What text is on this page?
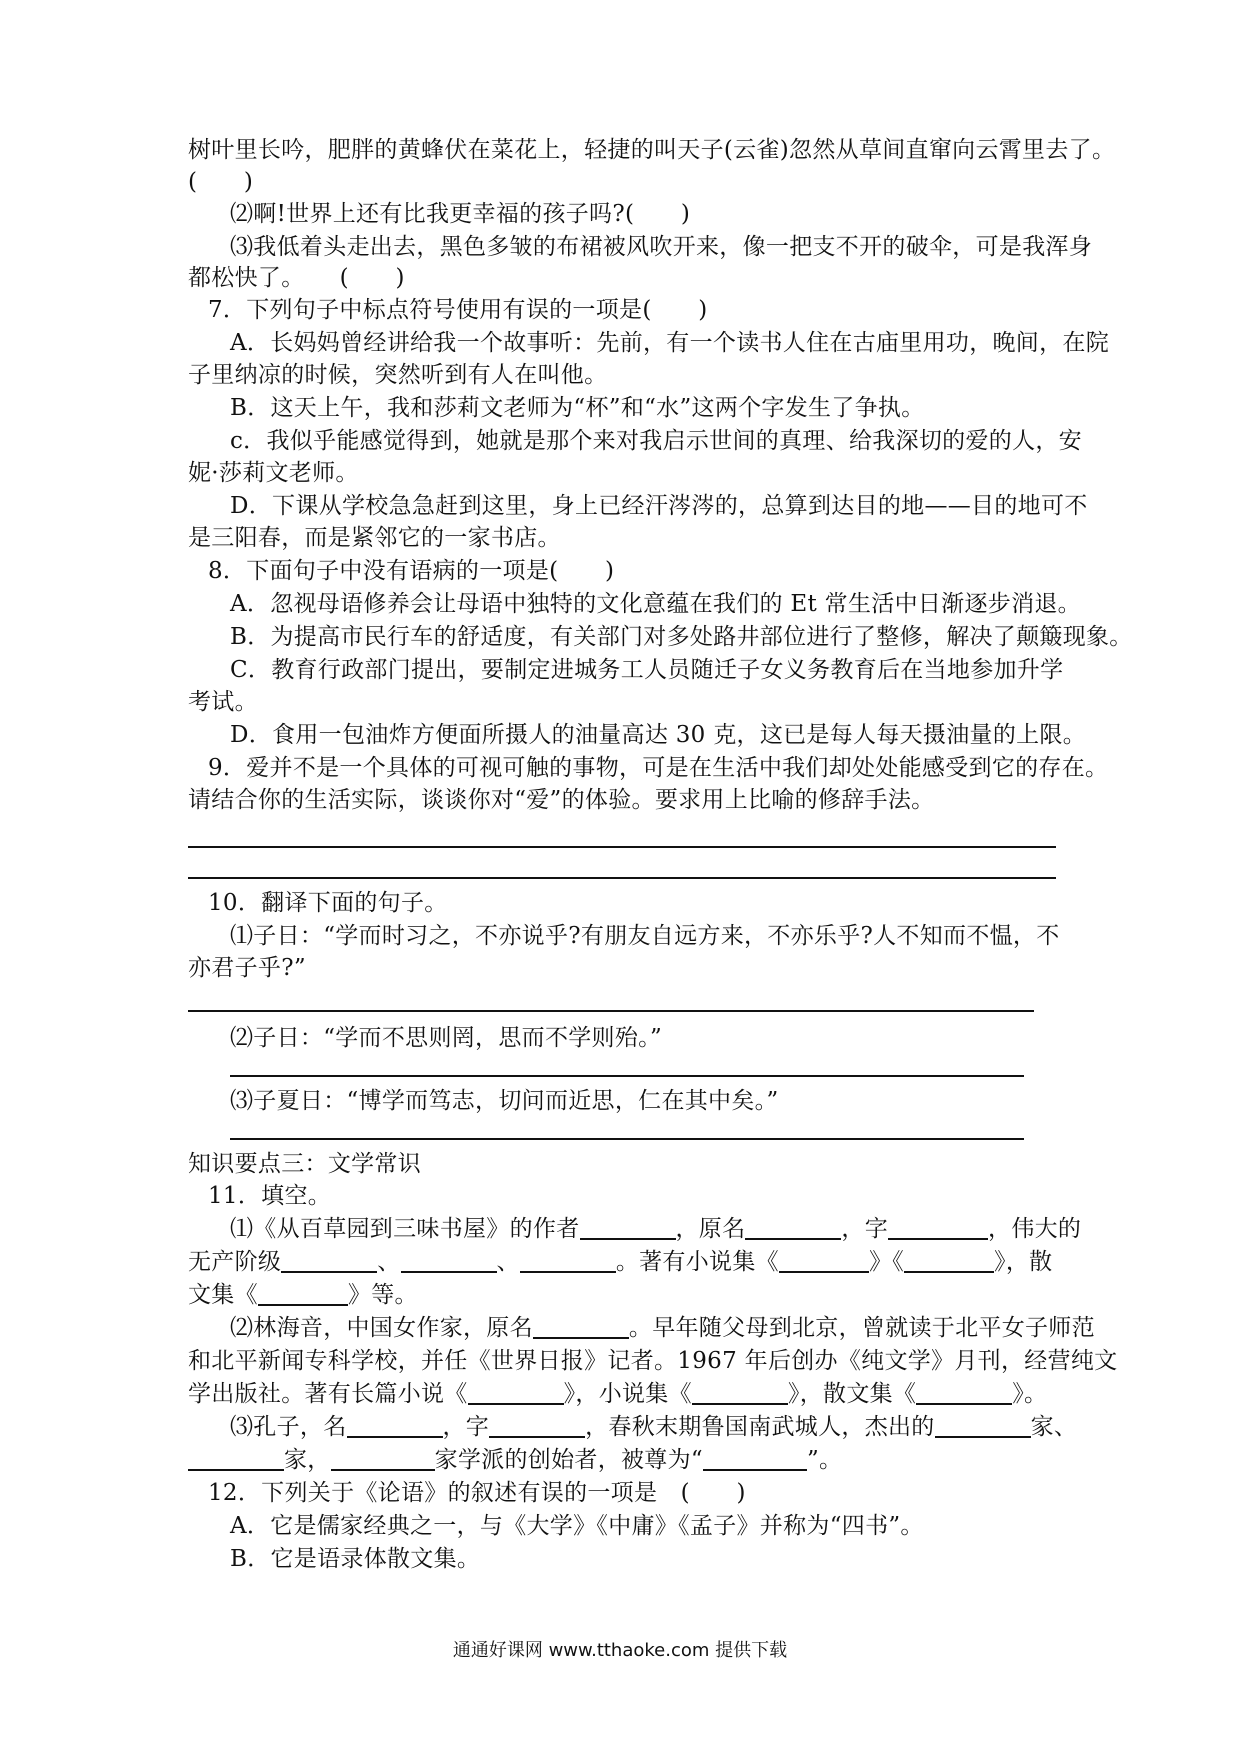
树叶里长吟，肥胖的黄蜂伏在菜花上，轻捷的叫天子(云雀)忽然从草间直窜向云霄里去了。
(　　)
⑵啊!世界上还有比我更幸福的孩子吗?(　　)
⑶我低着头走出去，黑色多皱的布裙被风吹开来，像一把支不开的破伞，可是我浑身
都松快了。　　(　　)
7．下列句子中标点符号使用有误的一项是(　　)
A．长妈妈曾经讲给我一个故事听：先前，有一个读书人住在古庙里用功，晚间，在院
子里纳凉的时候，突然听到有人在叫他。
B．这天上午，我和莎莉文老师为“杯”和“水”这两个字发生了争执。
c．我似乎能感觉得到，她就是那个来对我启示世间的真理、给我深切的爱的人，安
妮·莎莉文老师。
D．下课从学校急急赶到这里，身上已经汗涔涔的，总算到达目的地——目的地可不
是三阳春，而是紧邻它的一家书店。
8．下面句子中没有语病的一项是(　　)
A．忽视母语修养会让母语中独特的文化意蕴在我们的 Et 常生活中日渐逐步消退。
B．为提高市民行车的舒适度，有关部门对多处路井部位进行了整修，解决了颠簸现象。
C．教育行政部门提出，要制定进城务工人员随迁子女义务教育后在当地参加升学
考试。
D．食用一包油炸方便面所摄人的油量高达 30 克，这已是每人每天摄油量的上限。
9．爱并不是一个具体的可视可触的事物，可是在生活中我们却处处能感受到它的存在。
请结合你的生活实际，谈谈你对“爱”的体验。要求用上比喻的修辞手法。
10．翻译下面的句子。
⑴子日：“学而时习之，不亦说乎?有朋友自远方来，不亦乐乎?人不知而不愠，不
亦君子乎?”
⑵子日：“学而不思则罔，思而不学则殆。”
⑶子夏日：“博学而笃志，切问而近思，仁在其中矣。”
知识要点三：文学常识
11．填空。
⑴《从百草园到三味书屋》的作者	，原名	，字	，伟大的
无产阶级	、	、	。著有小说集《	》《	》，散
文集《	》等。
⑵林海音，中国女作家，原名	。早年随父母到北京，曾就读于北平女子师范
和北平新闻专科学校，并任《世界日报》记者。1967 年后创办《纯文学》月刊，经营纯文
学出版社。著有长篇小说《	》，小说集《	》，散文集《	》。
⑶孔子，名	，字	，春秋末期鲁国南武城人，杰出的	家、
家，	家学派的创始者，被尊为“	”。
12．下列关于《论语》的叙述有误的一项是　(　　)
A．它是儒家经典之一，与《大学》《中庸》《孟子》并称为“四书”。
B．它是语录体散文集。
通通好课网 www.tthaoke.com 提供下载
